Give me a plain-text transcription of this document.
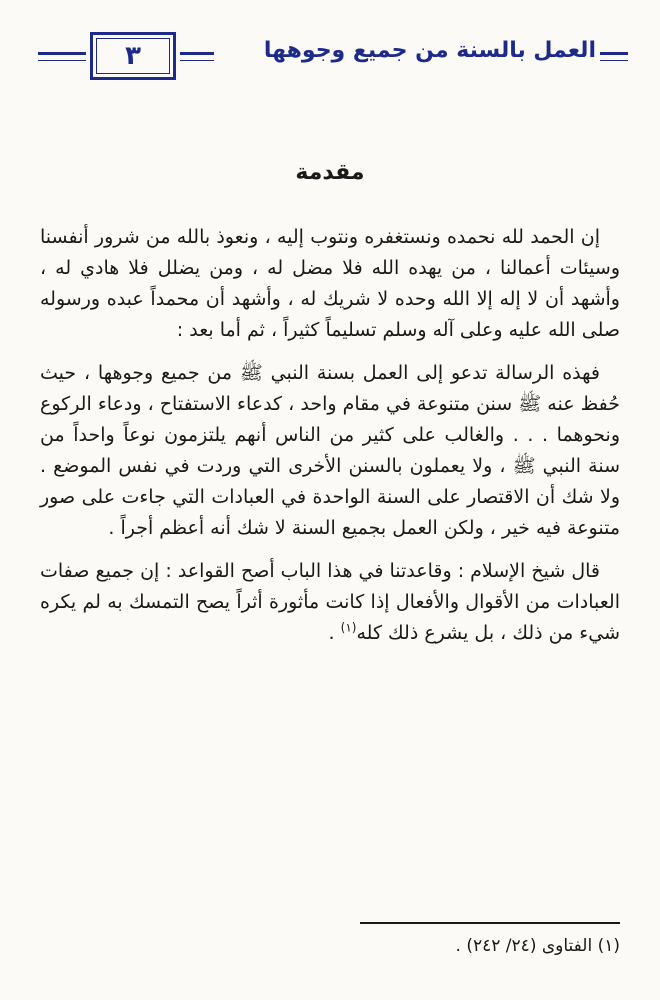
٣	العمل بالسنة من جميع وجوهها
مقدمة

إن الحمد لله نحمده ونستغفره ونتوب إليه ، ونعوذ بالله من شرور أنفسنا وسيئات أعمالنا ، من يهده الله فلا مضل له ، ومن يضلل فلا هادي له ، وأشهد أن لا إله إلا الله وحده لا شريك له ، وأشهد أن محمداً عبده ورسوله صلى الله عليه وعلى آله وسلم تسليماً كثيراً ، ثم أما بعد :

فهذه الرسالة تدعو إلى العمل بسنة النبي ﷺ من جميع وجوهها ، حيث حُفظ عنه ﷺ سنن متنوعة في مقام واحد ، كدعاء الاستفتاح ، ودعاء الركوع ونحوهما . . . والغالب على كثير من الناس أنهم يلتزمون نوعاً واحداً من سنة النبي ﷺ ، ولا يعملون بالسنن الأخرى التي وردت في نفس الموضع . ولا شك أن الاقتصار على السنة الواحدة في العبادات التي جاءت على صور متنوعة فيه خير ، ولكن العمل بجميع السنة لا شك أنه أعظم أجراً .

قال شيخ الإسلام : وقاعدتنا في هذا الباب أصح القواعد : إن جميع صفات العبادات من الأقوال والأفعال إذا كانت مأثورة أثراً يصح التمسك به لم يكره شيء من ذلك ، بل يشرع ذلك كله$^{(١)}$ .

(١) الفتاوى (٢٤/ ٢٤٢) .
